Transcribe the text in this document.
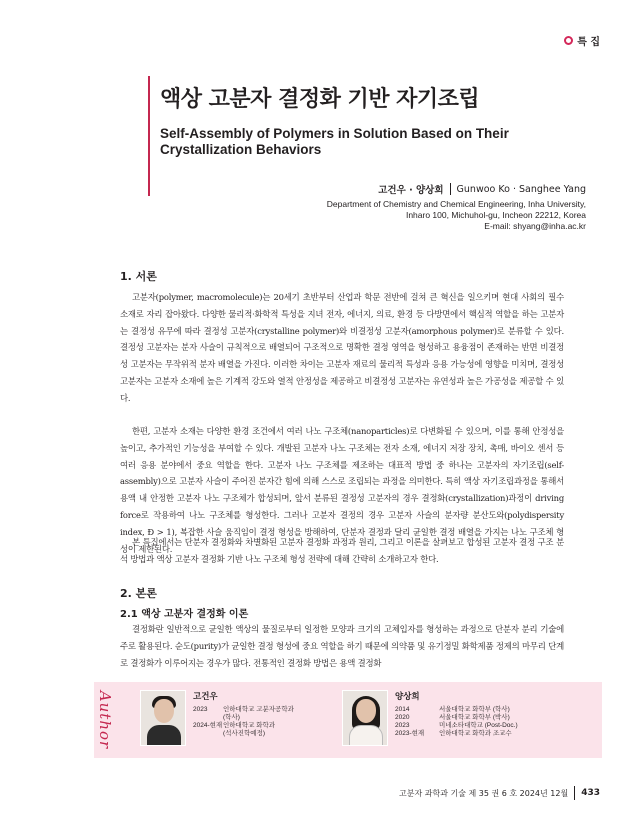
특 집
액상 고분자 결정화 기반 자기조립
Self-Assembly of Polymers in Solution Based on Their Crystallization Behaviors
고건우 · 양상희 Gunwoo Ko · Sanghee Yang
Department of Chemistry and Chemical Engineering, Inha University,
Inharo 100, Michuhol-gu, Incheon 22212, Korea
E-mail: shyang@inha.ac.kr
1. 서론

고분자(polymer, macromolecule)는 20세기 초반부터 산업과 학문 전반에 걸쳐 큰 혁신을 일으키며 현대 사회의 필수 소재로 자리 잡아왔다. 다양한 물리적·화학적 특성을 지녀 전자, 에너지, 의료, 환경 등 다방면에서 핵심적 역할을 하는 고분자는 결정성 유무에 따라 결정성 고분자(crystalline polymer)와 비결정성 고분자(amorphous polymer)로 분류할 수 있다. 결정성 고분자는 분자 사슬이 규칙적으로 배열되어 구조적으로 명확한 결정 영역을 형성하고 용융점이 존재하는 반면 비결정성 고분자는 무작위적 분자 배열을 가진다. 이러한 차이는 고분자 재료의 물리적 특성과 응용 가능성에 영향을 미치며, 결정성 고분자는 고분자 소재에 높은 기계적 강도와 열적 안정성을 제공하고 비결정성 고분자는 유연성과 높은 가공성을 제공할 수 있다.

한편, 고분자 소재는 다양한 환경 조건에서 여러 나노 구조체(nanoparticles)로 다변화될 수 있으며, 이를 통해 안정성을 높이고, 추가적인 기능성을 부여할 수 있다. 개발된 고분자 나노 구조체는 전자 소재, 에너지 저장 장치, 촉매, 바이오 센서 등 여러 응용 분야에서 중요 역할을 한다. 고분자 나노 구조체를 제조하는 대표적 방법 중 하나는 고분자의 자기조립(self-assembly)으로 고분자 사슬이 주어진 분자간 힘에 의해 스스로 조립되는 과정을 의미한다. 특히 액상 자기조립과정을 통해서 용액 내 안정한 고분자 나노 구조체가 합성되며, 앞서 분류된 결정성 고분자의 경우 결정화(crystallization)과정이 driving force로 작용하여 나노 구조체를 형성한다. 그러나 고분자 결정의 경우 고분자 사슬의 분자량 분산도와(polydispersity index, Đ > 1), 복잡한 사슬 움직임이 결정 형성을 방해하여, 단분자 결정과 달리 균일한 결정 배열을 가지는 나노 구조체 형성이 제한된다.

본 특집에서는 단분자 결정화와 차별화된 고분자 결정화 과정과 원리, 그리고 이론을 살펴보고 합성된 고분자 결정 구조 분석 방법과 액상 고분자 결정화 기반 나노 구조체 형성 전략에 대해 간략히 소개하고자 한다.

2. 본론
2.1 액상 고분자 결정화 이론

결정화란 일반적으로 균일한 액상의 물질로부터 일정한 모양과 크기의 고체입자를 형성하는 과정으로 단분자 분리 기술에 주로 활용된다. 순도(purity)가 균일한 결정 형성에 중요 역할을 하기 때문에 의약품 및 유기정밀 화학제품 정제의 마무리 단계로 결정화가 이루어지는 경우가 많다. 전통적인 결정화 방법은 용액 결정화

Author	고건우
2023	인하대학교 고분자공학과
(학사)
2024-현재 인하대학교 화학과
(석사진학예정)
양상희
2014	서울대학교 화학부 (학사)
2020	서울대학교 화학부 (박사)
2023	미네소타대학교 (Post-Doc.)
2023-현재	인하대학교 화학과 조교수
고분자 과학과 기술 제 35 권 6 호 2024년 12월 433
